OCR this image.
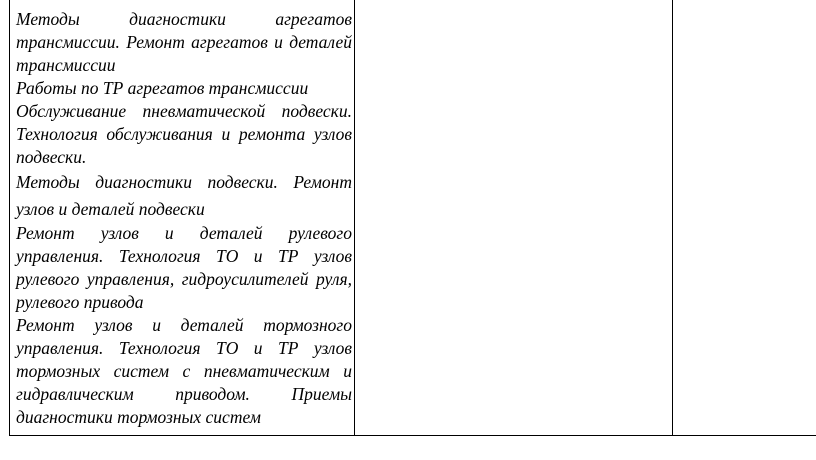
Методы диагностики агрегатов трансмиссии. Ремонт агрегатов и деталей трансмиссии

Работы по ТР агрегатов трансмиссии

Обслуживание пневматической подвески. Технология обслуживания и ремонта узлов подвески.

Методы диагностики подвески. Ремонт узлов и деталей подвески

Ремонт узлов и деталей рулевого управления. Технология ТО и ТР узлов рулевого управления, гидроусилителей руля, рулевого привода

Ремонт узлов и деталей тормозного управления. Технология ТО и ТР узлов тормозных систем с пневматическим и гидравлическим приводом. Приемы диагностики тормозных систем
